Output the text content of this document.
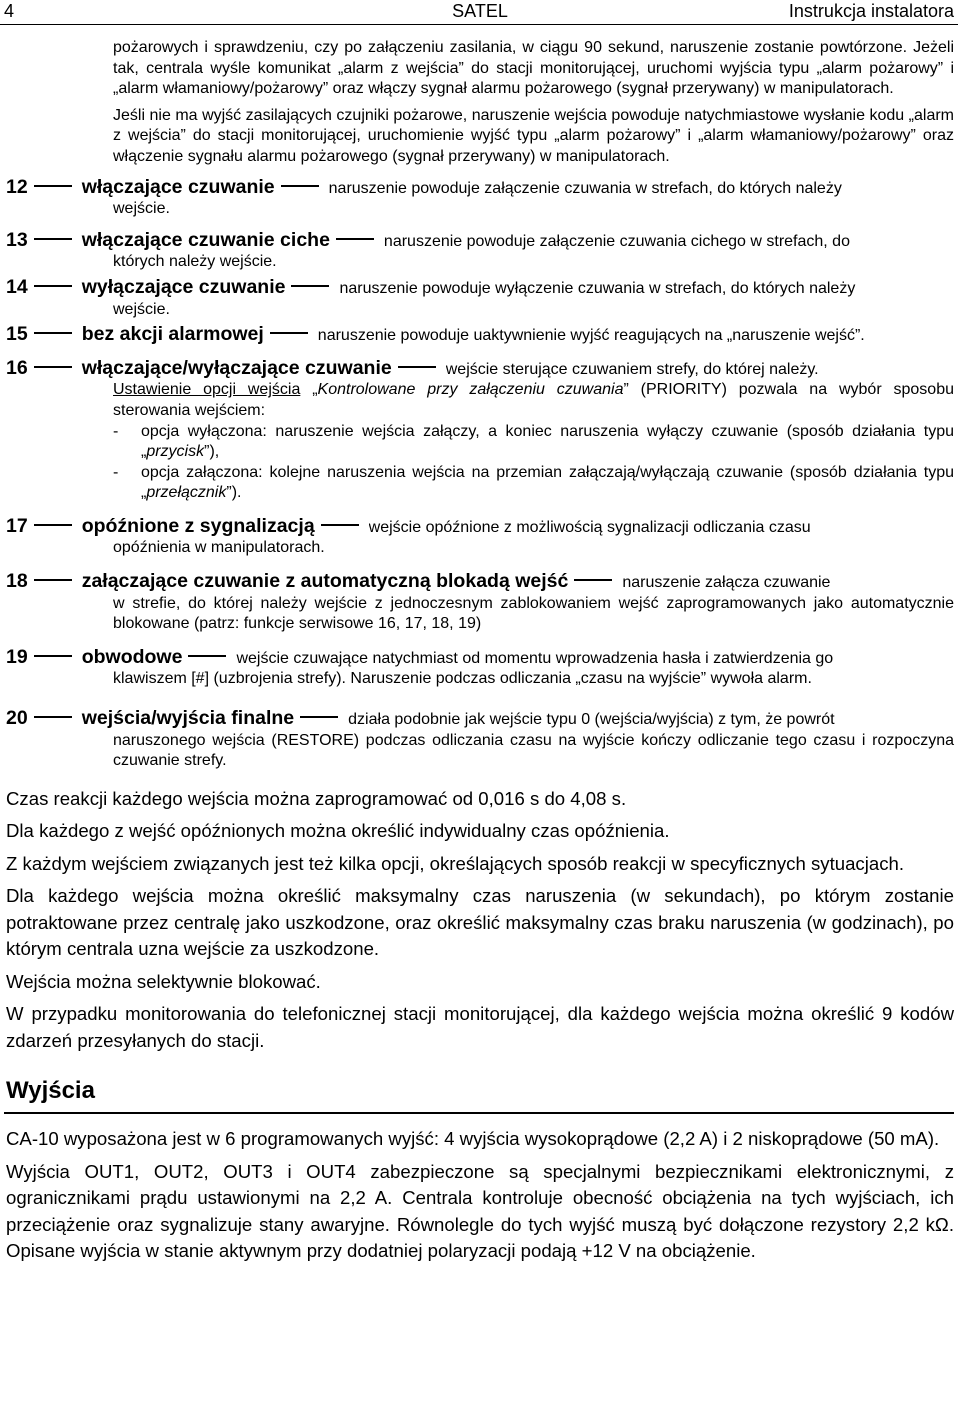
4	SATEL	Instrukcja instalatora

pożarowych i sprawdzeniu, czy po załączeniu zasilania, w ciągu 90 sekund, naruszenie zostanie powtórzone. Jeżeli tak, centrala wyśle komunikat „alarm z wejścia” do stacji monitorującej, uruchomi wyjścia typu „alarm pożarowy” i „alarm włamaniowy/pożarowy” oraz włączy sygnał alarmu pożarowego (sygnał przerywany) w manipulatorach.

Jeśli nie ma wyjść zasilających czujniki pożarowe, naruszenie wejścia powoduje natychmiastowe wysłanie kodu „alarm z wejścia” do stacji monitorującej, uruchomienie wyjść typu „alarm pożarowy” i „alarm włamaniowy/pożarowy” oraz włączenie sygnału alarmu pożarowego (sygnał przerywany) w manipulatorach.

12	włączające czuwanie	naruszenie powoduje załączenie czuwania w strefach, do których należy
wejście.
13	włączające czuwanie ciche	naruszenie powoduje załączenie czuwania cichego w strefach, do
których należy wejście.
14	wyłączające czuwanie	naruszenie powoduje wyłączenie czuwania w strefach, do których należy
wejście.
15	bez akcji alarmowej	naruszenie powoduje uaktywnienie wyjść reagujących na „naruszenie wejść”.
16	włączające/wyłączające czuwanie	wejście sterujące czuwaniem strefy, do której należy.

Ustawienie opcji wejścia „Kontrolowane przy załączeniu czuwania” (PRIORITY) pozwala na wybór sposobu sterowania wejściem:

-	opcja wyłączona: naruszenie wejścia załączy, a koniec naruszenia wyłączy czuwanie (sposób działania typu „przycisk”),
-	opcja załączona: kolejne naruszenia wejścia na przemian załączają/wyłączają czuwanie (sposób działania typu „przełącznik”).
17	opóźnione z sygnalizacją	wejście opóźnione z możliwością sygnalizacji odliczania czasu
opóźnienia w manipulatorach.
18	załączające czuwanie z automatyczną blokadą wejść	naruszenie załącza czuwanie
w strefie, do której należy wejście z jednoczesnym zablokowaniem wejść zaprogramowanych jako automatycznie blokowane (patrz: funkcje serwisowe 16, 17, 18, 19)
19	obwodowe	wejście czuwające natychmiast od momentu wprowadzenia hasła i zatwierdzenia go
klawiszem [#] (uzbrojenia strefy). Naruszenie podczas odliczania „czasu na wyjście” wywoła alarm.
20	wejścia/wyjścia finalne	działa podobnie jak wejście typu 0 (wejścia/wyjścia) z tym, że powrót
naruszonego wejścia (RESTORE) podczas odliczania czasu na wyjście kończy odliczanie tego czasu i rozpoczyna czuwanie strefy.

Czas reakcji każdego wejścia można zaprogramować od 0,016 s do 4,08 s.

Dla każdego z wejść opóźnionych można określić indywidualny czas opóźnienia.

Z każdym wejściem związanych jest też kilka opcji, określających sposób reakcji w specyficznych sytuacjach.

Dla każdego wejścia można określić maksymalny czas naruszenia (w sekundach), po którym zostanie potraktowane przez centralę jako uszkodzone, oraz określić maksymalny czas braku naruszenia (w godzinach), po którym centrala uzna wejście za uszkodzone.

Wejścia można selektywnie blokować.

W przypadku monitorowania do telefonicznej stacji monitorującej, dla każdego wejścia można określić 9 kodów zdarzeń przesyłanych do stacji.

Wyjścia

CA-10 wyposażona jest w 6 programowanych wyjść: 4 wyjścia wysokoprądowe (2,2 A) i 2 niskoprądowe (50 mA).

Wyjścia OUT1, OUT2, OUT3 i OUT4 zabezpieczone są specjalnymi bezpiecznikami elektronicznymi, z ogranicznikami prądu ustawionymi na 2,2 A. Centrala kontroluje obecność obciążenia na tych wyjściach, ich przeciążenie oraz sygnalizuje stany awaryjne. Równolegle do tych wyjść muszą być dołączone rezystory 2,2 kΩ. Opisane wyjścia w stanie aktywnym przy dodatniej polaryzacji podają +12 V na obciążenie.
